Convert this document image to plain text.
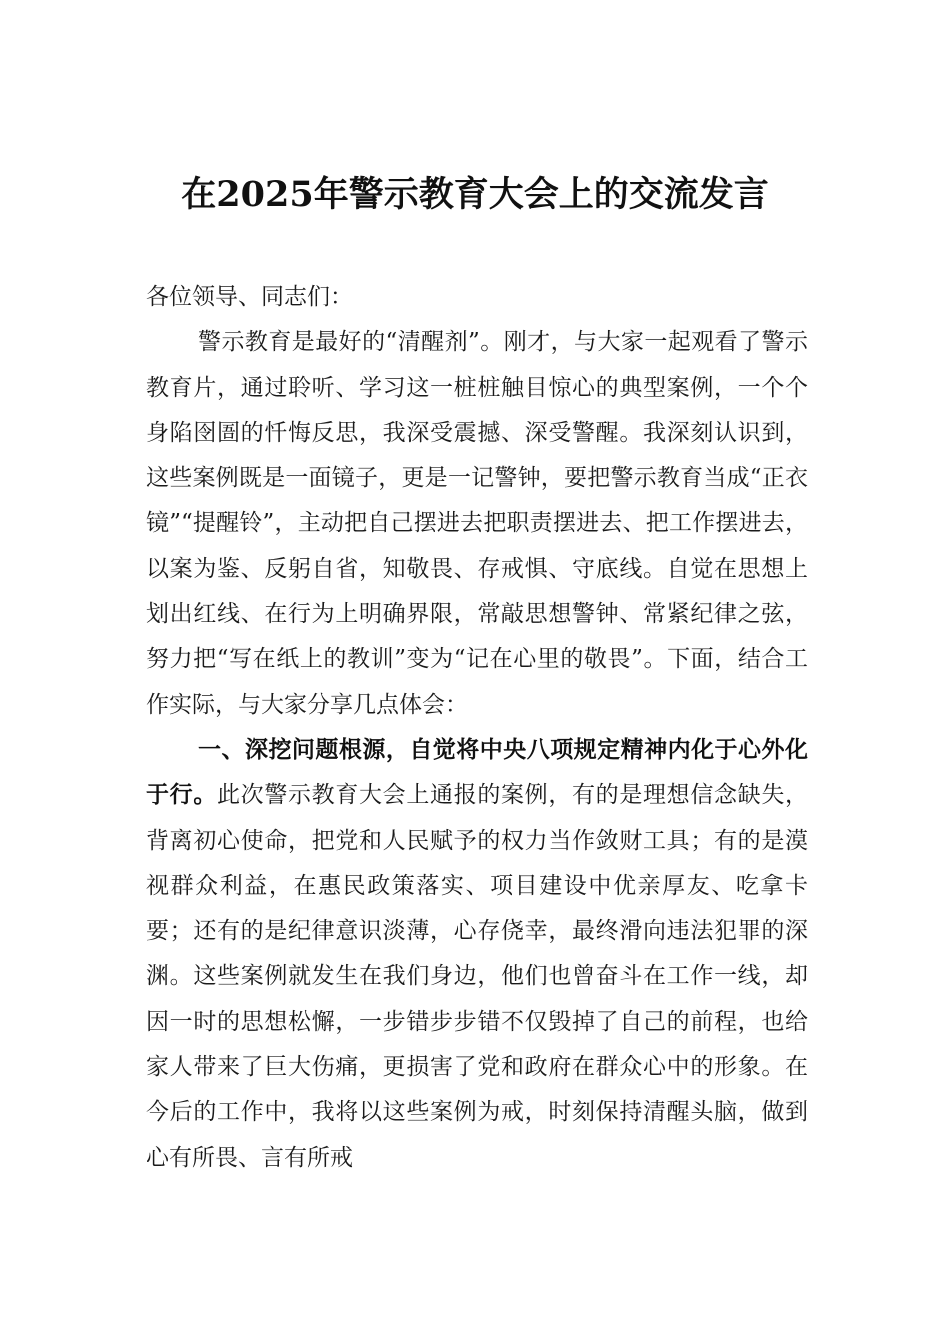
在2025年警示教育大会上的交流发言

各位领导、同志们：

警示教育是最好的“清醒剂”。刚才，与大家一起观看了警示教育片，通过聆听、学习这一桩桩触目惊心的典型案例，一个个身陷囹圄的忏悔反思，我深受震撼、深受警醒。我深刻认识到，这些案例既是一面镜子，更是一记警钟，要把警示教育当成“正衣镜”“提醒铃”，主动把自己摆进去把职责摆进去、把工作摆进去，以案为鉴、反躬自省，知敬畏、存戒惧、守底线。自觉在思想上划出红线、在行为上明确界限，常敲思想警钟、常紧纪律之弦，努力把“写在纸上的教训”变为“记在心里的敬畏”。下面，结合工作实际，与大家分享几点体会：

一、深挖问题根源，自觉将中央八项规定精神内化于心外化于行。此次警示教育大会上通报的案例，有的是理想信念缺失，背离初心使命，把党和人民赋予的权力当作敛财工具；有的是漠视群众利益，在惠民政策落实、项目建设中优亲厚友、吃拿卡要；还有的是纪律意识淡薄，心存侥幸，最终滑向违法犯罪的深渊。这些案例就发生在我们身边，他们也曾奋斗在工作一线，却因一时的思想松懈，一步错步步错不仅毁掉了自己的前程，也给家人带来了巨大伤痛，更损害了党和政府在群众心中的形象。在今后的工作中，我将以这些案例为戒，时刻保持清醒头脑，做到心有所畏、言有所戒
